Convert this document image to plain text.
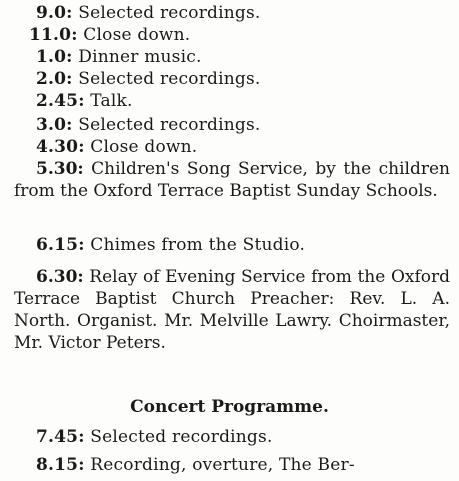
9.0: Selected recordings.
11.0: Close down.
1.0: Dinner music.
2.0: Selected recordings.
2.45: Talk.
3.0: Selected recordings.
4.30: Close down.
5.30: Children's Song Service, by the children from the Oxford Terrace Baptist Sunday Schools.
6.15: Chimes from the Studio.
6.30: Relay of Evening Service from the Oxford Terrace Baptist Church Preacher: Rev. L. A. North. Organist. Mr. Melville Lawry. Choirmaster, Mr. Victor Peters.
Concert Programme.
7.45: Selected recordings.
8.15: Recording, overture, The Ber-
